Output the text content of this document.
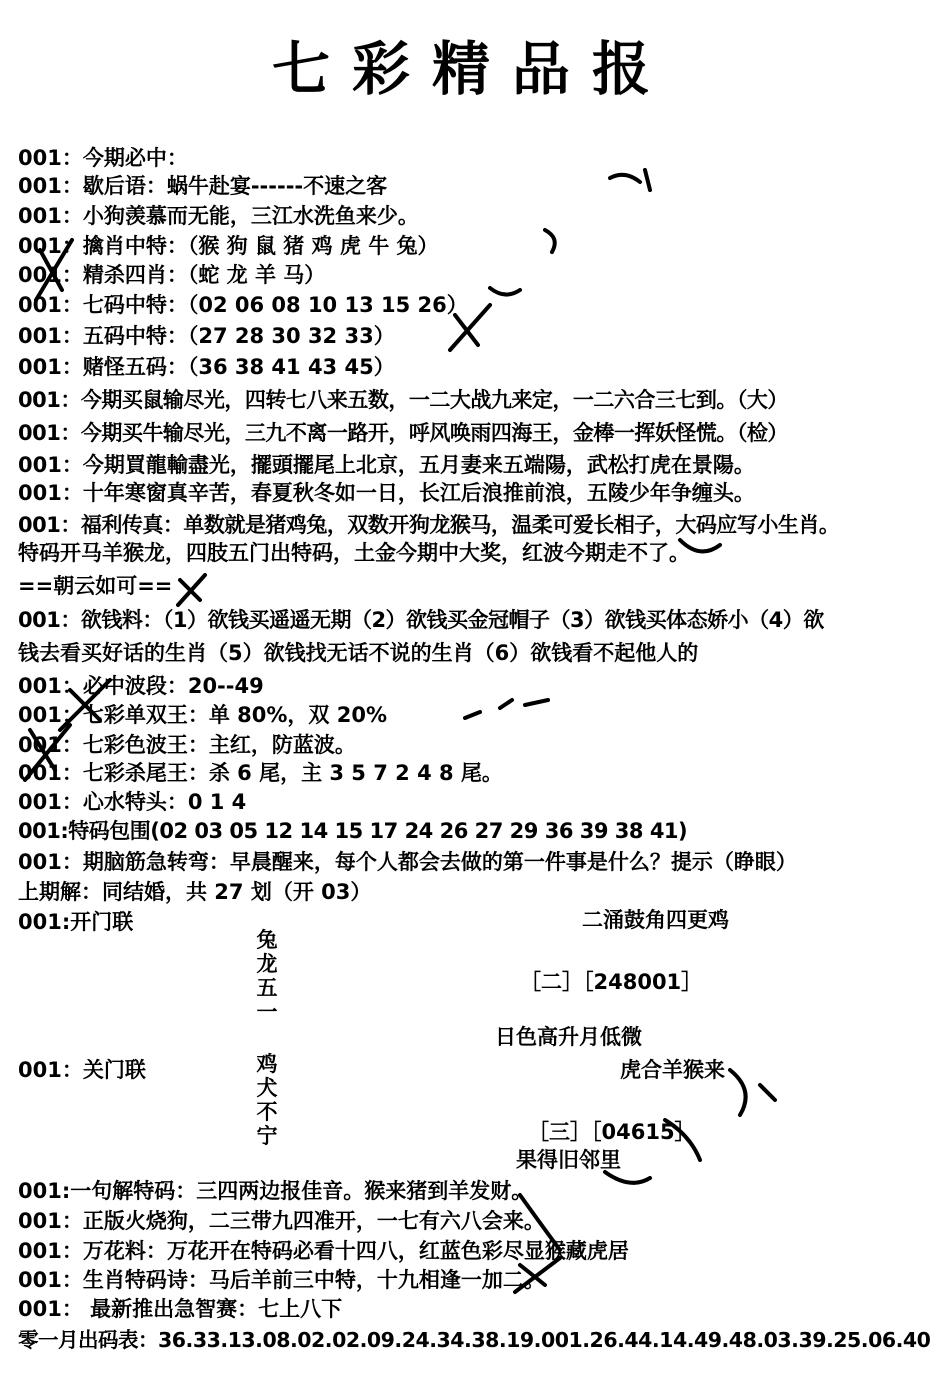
七彩精品报
001：今期必中：
001：歇后语：蜗牛赴宴------不速之客
001：小狗羡慕而无能，三江水洗鱼来少。
001：擒肖中特：（猴 狗 鼠 猪 鸡 虎 牛 兔）
001：精杀四肖：（蛇 龙 羊 马）
001：七码中特：（02 06 08 10 13 15 26）
001：五码中特：（27 28 30 32 33）
001：赌怪五码：（36 38 41 43 45）
001：今期买鼠输尽光，四转七八来五数，一二大战九来定，一二六合三七到。（大）
001：今期买牛输尽光，三九不离一路开，呼风唤雨四海王，金棒一挥妖怪慌。（检）
001：今期買龍輸盡光，擺頭擺尾上北京，五月妻来五端陽，武松打虎在景陽。
001：十年寒窗真辛苦，春夏秋冬如一日，长江后浪推前浪，五陵少年争缠头。
001：福利传真：单数就是猪鸡兔，双数开狗龙猴马，温柔可爱长相子，大码应写小生肖。
特码开马羊猴龙，四肢五门出特码，土金今期中大奖，红波今期走不了。
==朝云如可==
001：欲钱料：（1）欲钱买遥遥无期（2）欲钱买金冠帽子（3）欲钱买体态娇小（4）欲
钱去看买好话的生肖（5）欲钱找无话不说的生肖（6）欲钱看不起他人的
001：必中波段：20--49
001：七彩单双王：单 80%，双 20%
001：七彩色波王：主红，防蓝波。
001：七彩杀尾王：杀 6 尾，主 3 5 7 2 4 8 尾。
001：心水特头：0 1 4
001:特码包围(02 03 05 12 14 15 17 24 26 27 29 36 39 38 41)
001：期脑筋急转弯：早晨醒来，每个人都会去做的第一件事是什么？提示（睁眼）
上期解：同结婚，共 27 划（开 03）
001:开门联
001：关门联
001:一句解特码：三四两边报佳音。猴来猪到羊发财。
001：正版火烧狗，二三带九四准开，一七有六八会来。
001：万花料：万花开在特码必看十四八，红蓝色彩尽显猴藏虎居
001：生肖特码诗：马后羊前三中特，十九相逢一加二。
001： 最新推出急智赛：七上八下
零一月出码表：36.33.13.08.02.02.09.24.34.38.19.001.26.44.14.49.48.03.39.25.06.40
兔龙五一
鸡犬不宁
二涌鼓角四更鸡
［二］［248001］
日色高升月低微
虎合羊猴来
［三］［04615］
果得旧邻里
